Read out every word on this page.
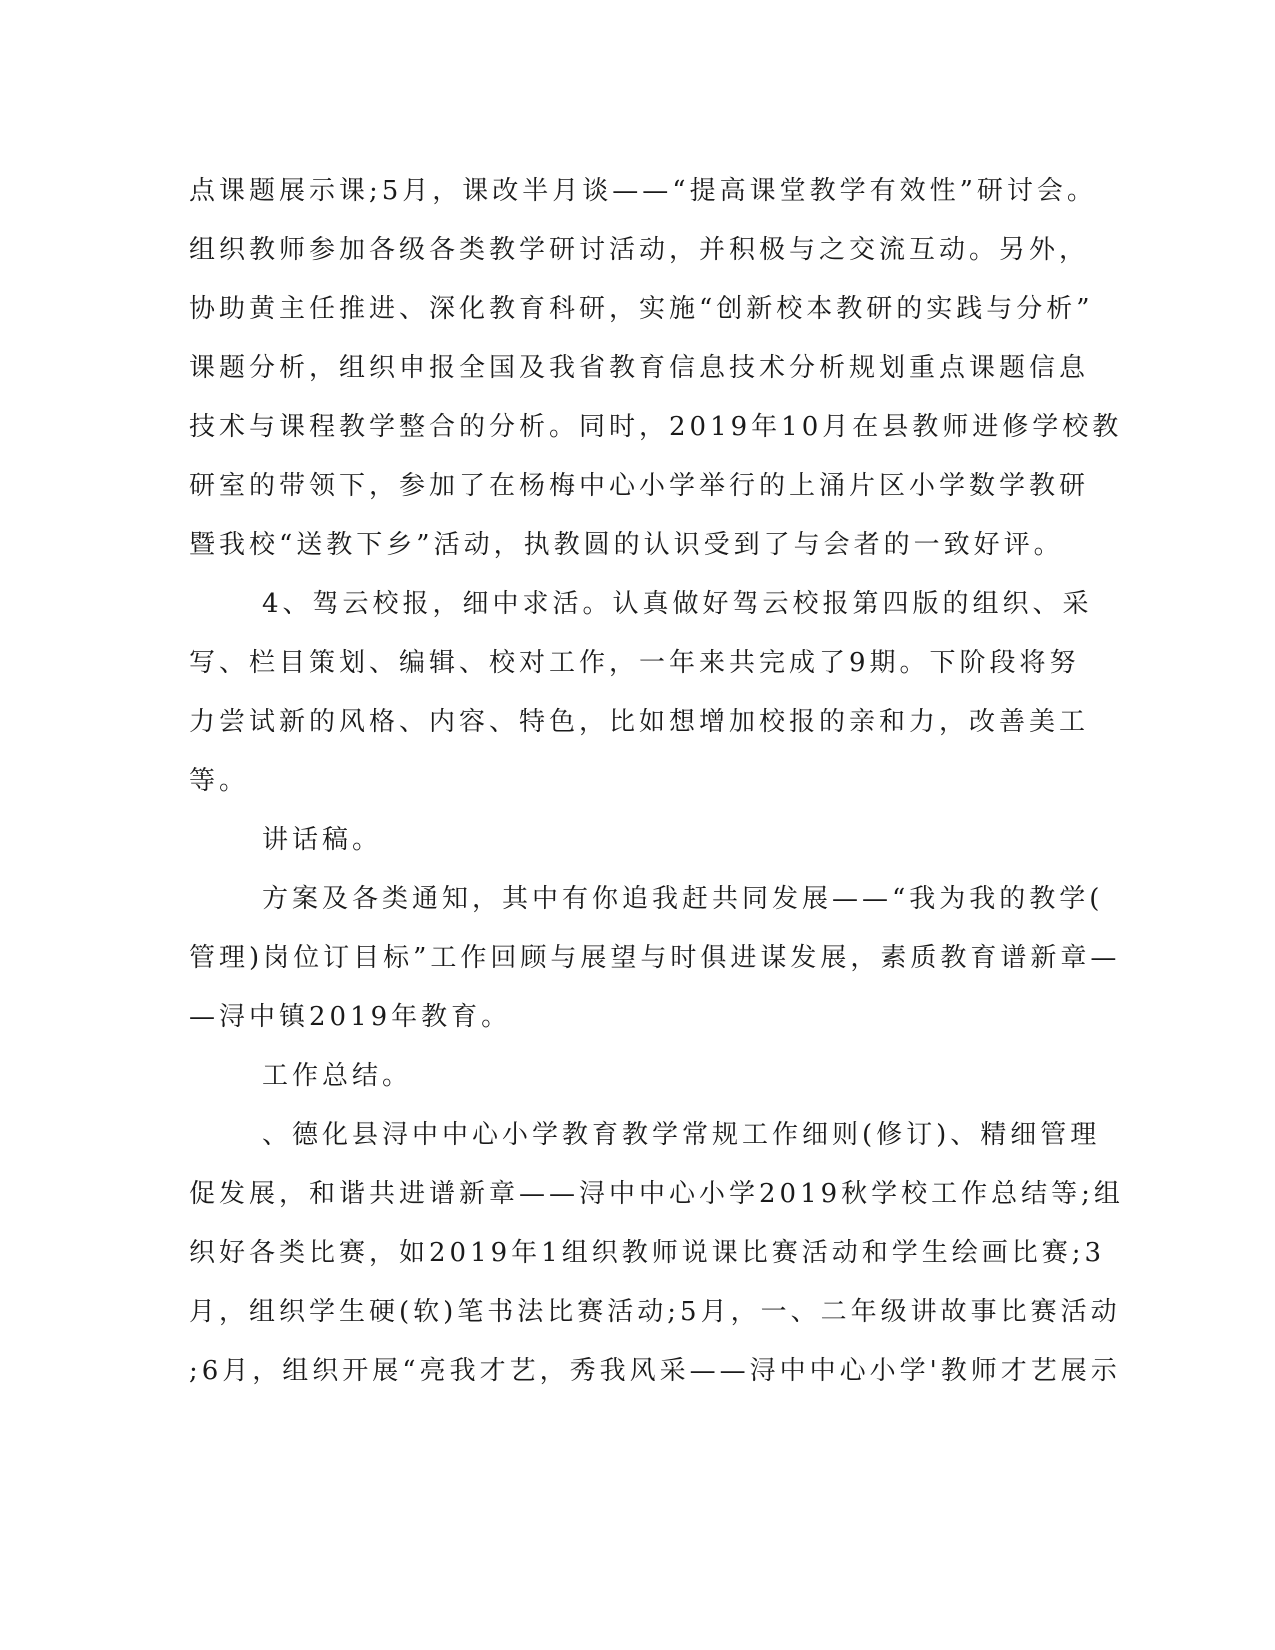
点课题展示课;5月，课改半月谈——“提高课堂教学有效性”研讨会。
组织教师参加各级各类教学研讨活动，并积极与之交流互动。另外，
协助黄主任推进、深化教育科研，实施“创新校本教研的实践与分析”
课题分析，组织申报全国及我省教育信息技术分析规划重点课题信息
技术与课程教学整合的分析。同时，2019年10月在县教师进修学校教
研室的带领下，参加了在杨梅中心小学举行的上涌片区小学数学教研
暨我校“送教下乡”活动，执教圆的认识受到了与会者的一致好评。
4、驾云校报，细中求活。认真做好驾云校报第四版的组织、采
写、栏目策划、编辑、校对工作，一年来共完成了9期。下阶段将努
力尝试新的风格、内容、特色，比如想增加校报的亲和力，改善美工
等。
讲话稿。
方案及各类通知，其中有你追我赶共同发展——“我为我的教学(
管理)岗位订目标”工作回顾与展望与时俱进谋发展，素质教育谱新章—
—浔中镇2019年教育。
工作总结。
、德化县浔中中心小学教育教学常规工作细则(修订)、精细管理
促发展，和谐共进谱新章——浔中中心小学2019秋学校工作总结等;组
织好各类比赛，如2019年1组织教师说课比赛活动和学生绘画比赛;3
月，组织学生硬(软)笔书法比赛活动;5月，一、二年级讲故事比赛活动
;6月，组织开展“亮我才艺，秀我风采——浔中中心小学'教师才艺展示
